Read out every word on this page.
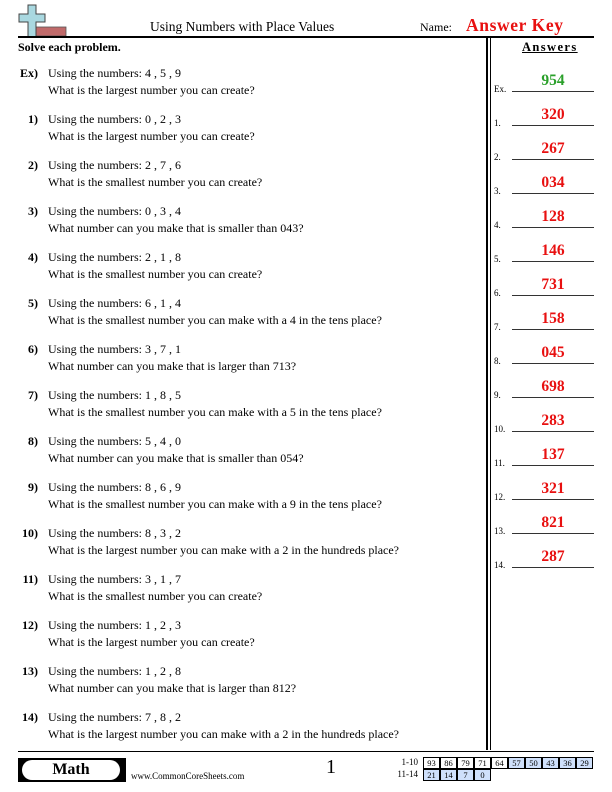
Using Numbers with Place Values	Name: Answer Key
Solve each problem.	Answers
Ex) Using the numbers: 4 , 5 , 9
What is the largest number you can create?
1) Using the numbers: 0 , 2 , 3
What is the largest number you can create?
2) Using the numbers: 2 , 7 , 6
What is the smallest number you can create?
3) Using the numbers: 0 , 3 , 4
What number can you make that is smaller than 043?
4) Using the numbers: 2 , 1 , 8
What is the smallest number you can create?
5) Using the numbers: 6 , 1 , 4
What is the smallest number you can make with a 4 in the tens place?
6) Using the numbers: 3 , 7 , 1
What number can you make that is larger than 713?
7) Using the numbers: 1 , 8 , 5
What is the smallest number you can make with a 5 in the tens place?
8) Using the numbers: 5 , 4 , 0
What number can you make that is smaller than 054?
9) Using the numbers: 8 , 6 , 9
What is the smallest number you can make with a 9 in the tens place?
10) Using the numbers: 8 , 3 , 2
What is the largest number you can make with a 2 in the hundreds place?
11) Using the numbers: 3 , 1 , 7
What is the smallest number you can create?
12) Using the numbers: 1 , 2 , 3
What is the largest number you can create?
13) Using the numbers: 1 , 2 , 8
What number can you make that is larger than 812?
14) Using the numbers: 7 , 8 , 2
What is the largest number you can make with a 2 in the hundreds place?
Ex.	954
1.	320
2.	267
3.	034
4.	128
5.	146
6.	731
7.	158
8.	045
9.	698
10.	283
11.	137
12.	321
13.	821
14.	287
Math	www.CommonCoreSheets.com	1	1-10
11-14
93	86	79	71	64	57	50	43	36	29
21	14	7	0
